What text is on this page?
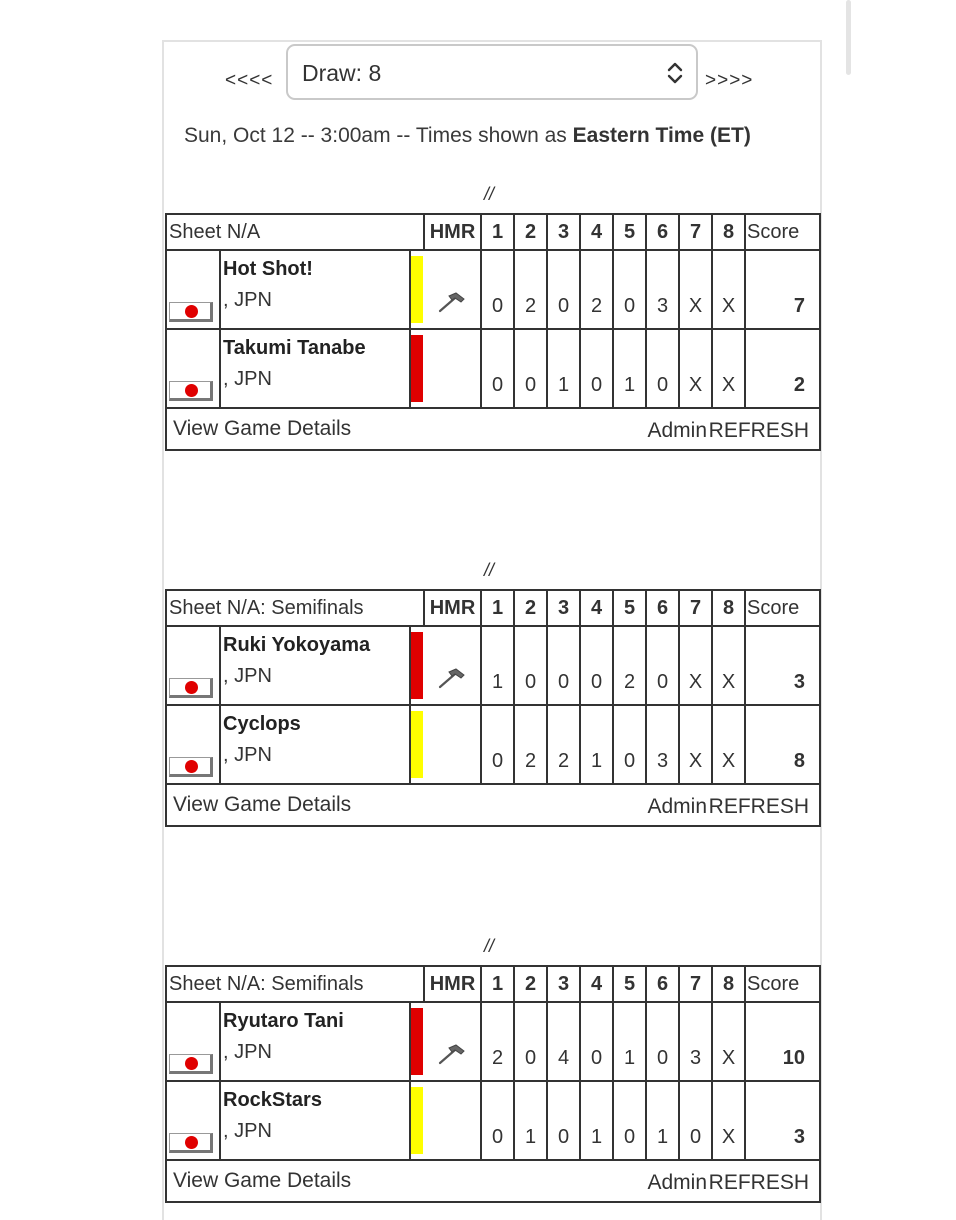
<<<< Draw: 8	>>>>
Sun, Oct 12 -- 3:00am -- Times shown as Eastern Time (ET)
//
Sheet N/A			HMR	1	2	3	4	5	6	7	8	Score

	Hot Shot!
, JPN			0	2	0	2	0	3	X	X	7

	Takumi Tanabe
, JPN			0	0	1	0	1	0	X	X	2

View Game Details Admin REFRESH												
//
Sheet N/A: Semifinals			HMR	1	2	3	4	5	6	7	8	Score

	Ruki Yokoyama
, JPN			1	0	0	0	2	0	X	X	3

	Cyclops
, JPN			0	2	2	1	0	3	X	X	8

View Game Details Admin REFRESH												
//
Sheet N/A: Semifinals			HMR	1	2	3	4	5	6	7	8	Score

	Ryutaro Tani
, JPN			2	0	4	0	1	0	3	X	10

	RockStars
, JPN			0	1	0	1	0	1	0	X	3

View Game Details Admin REFRESH												
